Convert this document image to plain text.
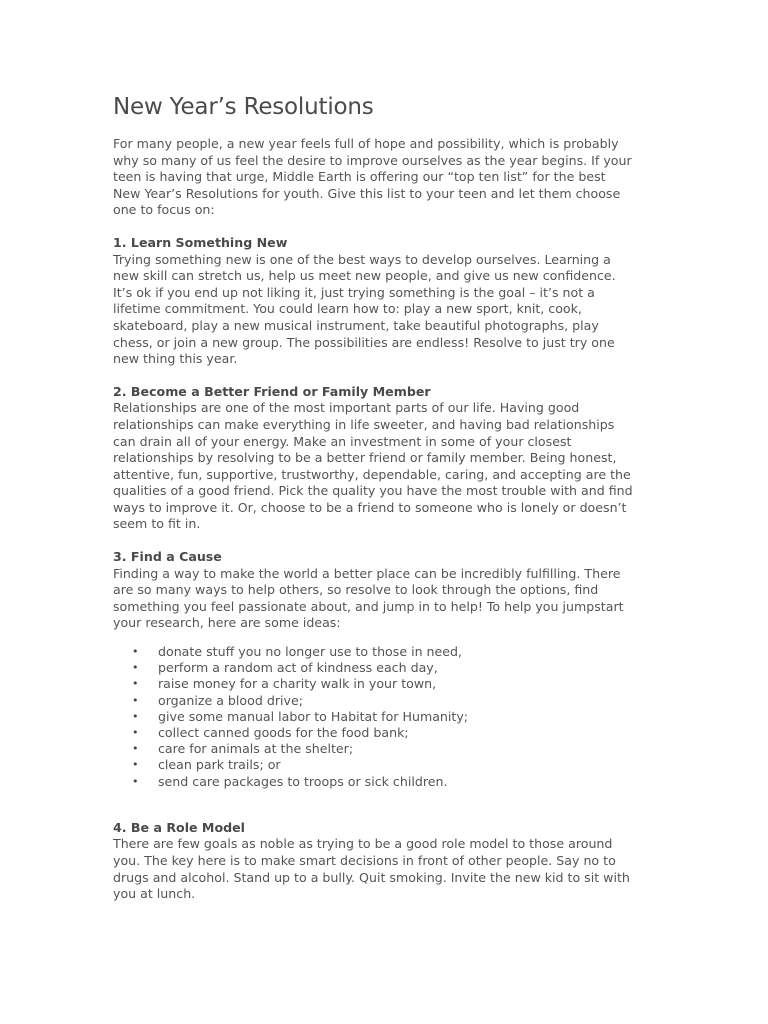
New Year’s Resolutions

For many people, a new year feels full of hope and possibility, which is probably why so many of us feel the desire to improve ourselves as the year begins. If your teen is having that urge, Middle Earth is offering our “top ten list” for the best New Year’s Resolutions for youth. Give this list to your teen and let them choose one to focus on:

1. Learn Something New

Trying something new is one of the best ways to develop ourselves. Learning a new skill can stretch us, help us meet new people, and give us new confidence. It’s ok if you end up not liking it, just trying something is the goal – it’s not a lifetime commitment. You could learn how to: play a new sport, knit, cook, skateboard, play a new musical instrument, take beautiful photographs, play chess, or join a new group. The possibilities are endless! Resolve to just try one new thing this year.

2. Become a Better Friend or Family Member

Relationships are one of the most important parts of our life. Having good relationships can make everything in life sweeter, and having bad relationships can drain all of your energy. Make an investment in some of your closest relationships by resolving to be a better friend or family member. Being honest, attentive, fun, supportive, trustworthy, dependable, caring, and accepting are the qualities of a good friend. Pick the quality you have the most trouble with and find ways to improve it. Or, choose to be a friend to someone who is lonely or doesn’t seem to fit in.

3. Find a Cause

Finding a way to make the world a better place can be incredibly fulfilling. There are so many ways to help others, so resolve to look through the options, find something you feel passionate about, and jump in to help! To help you jumpstart your research, here are some ideas:

• donate stuff you no longer use to those in need,
• perform a random act of kindness each day,
• raise money for a charity walk in your town,
• organize a blood drive;
• give some manual labor to Habitat for Humanity;
• collect canned goods for the food bank;
• care for animals at the shelter;
• clean park trails; or
• send care packages to troops or sick children.
4. Be a Role Model

There are few goals as noble as trying to be a good role model to those around you. The key here is to make smart decisions in front of other people. Say no to drugs and alcohol. Stand up to a bully. Quit smoking. Invite the new kid to sit with you at lunch.
